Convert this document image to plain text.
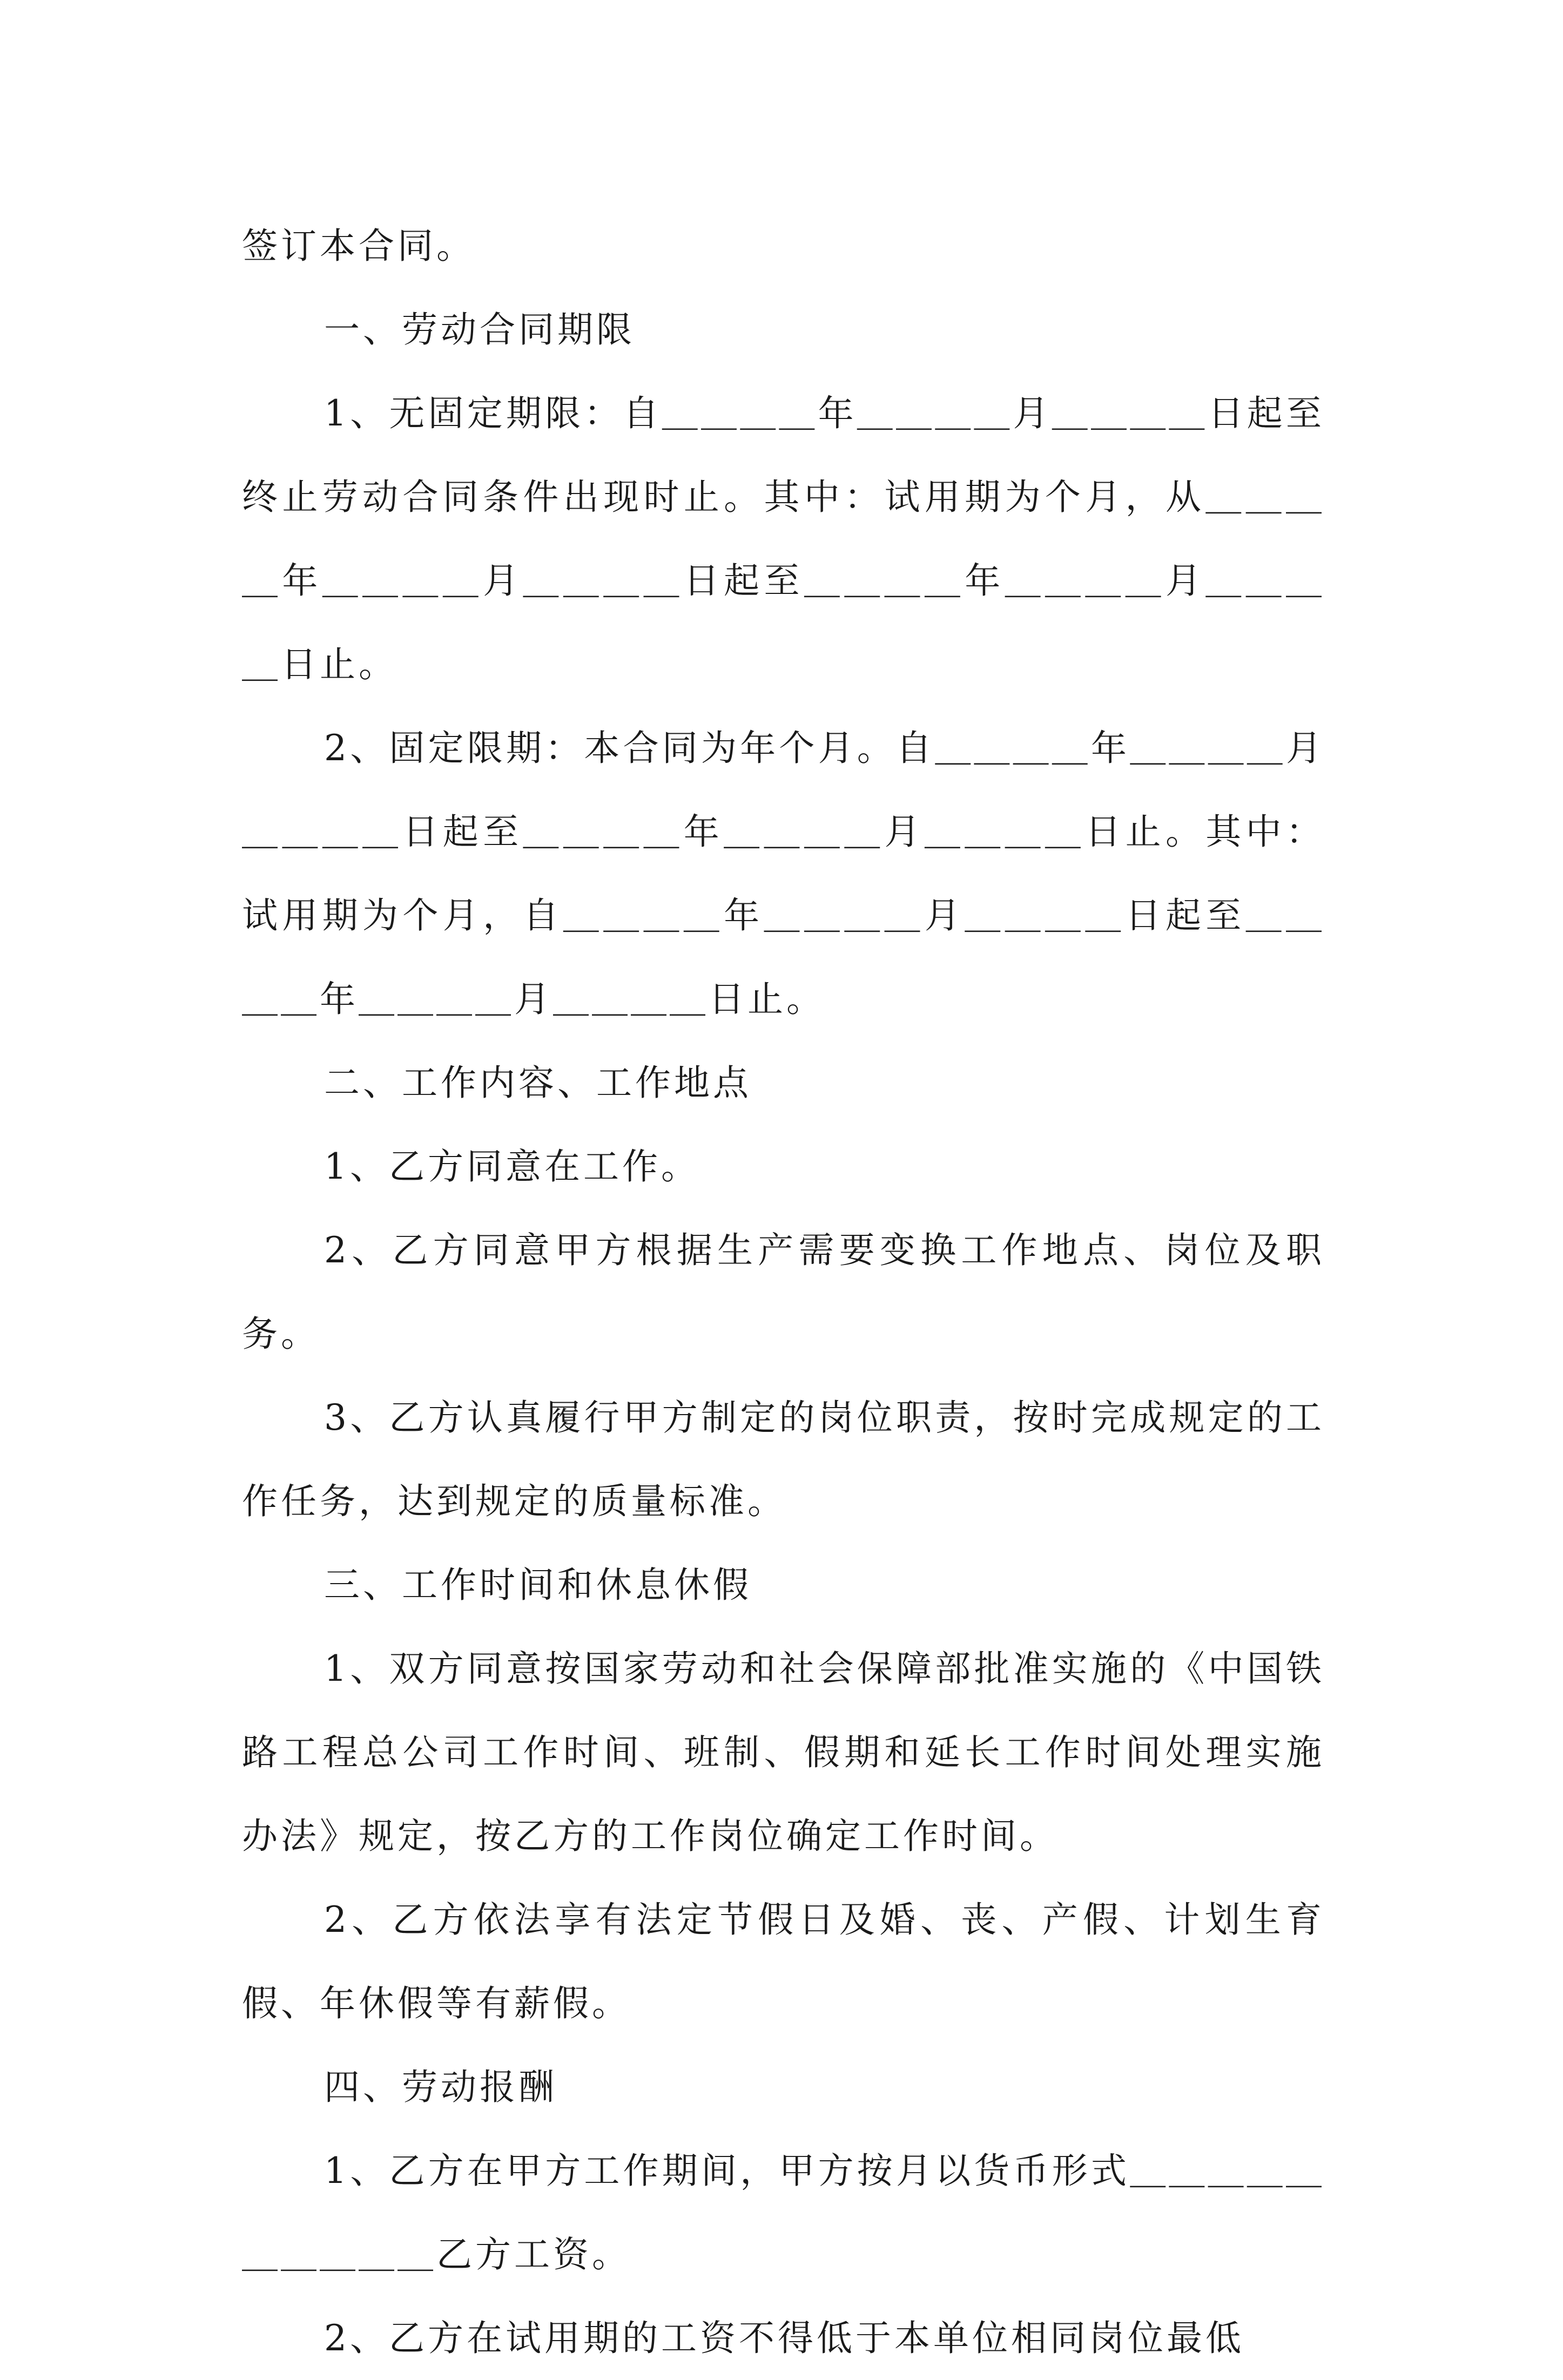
签订本合同。

一、劳动合同期限

1、无固定期限：自＿＿＿＿年＿＿＿＿月＿＿＿＿日起至终止劳动合同条件出现时止。其中：试用期为个月，从＿＿＿＿年＿＿＿＿月＿＿＿＿日起至＿＿＿＿年＿＿＿＿月＿＿＿＿日止。

2、固定限期：本合同为年个月。自＿＿＿＿年＿＿＿＿月＿＿＿＿日起至＿＿＿＿年＿＿＿＿月＿＿＿＿日止。其中：试用期为个月，自＿＿＿＿年＿＿＿＿月＿＿＿＿日起至＿＿＿＿年＿＿＿＿月＿＿＿＿日止。

二、工作内容、工作地点

1、乙方同意在工作。

2、乙方同意甲方根据生产需要变换工作地点、岗位及职务。

3、乙方认真履行甲方制定的岗位职责，按时完成规定的工作任务，达到规定的质量标准。

三、工作时间和休息休假

1、双方同意按国家劳动和社会保障部批准实施的《中国铁路工程总公司工作时间、班制、假期和延长工作时间处理实施办法》规定，按乙方的工作岗位确定工作时间。

2、乙方依法享有法定节假日及婚、丧、产假、计划生育假、年休假等有薪假。

四、劳动报酬

1、乙方在甲方工作期间，甲方按月以货币形式＿＿＿＿＿＿＿＿＿＿乙方工资。

2、乙方在试用期的工资不得低于本单位相同岗位最低
